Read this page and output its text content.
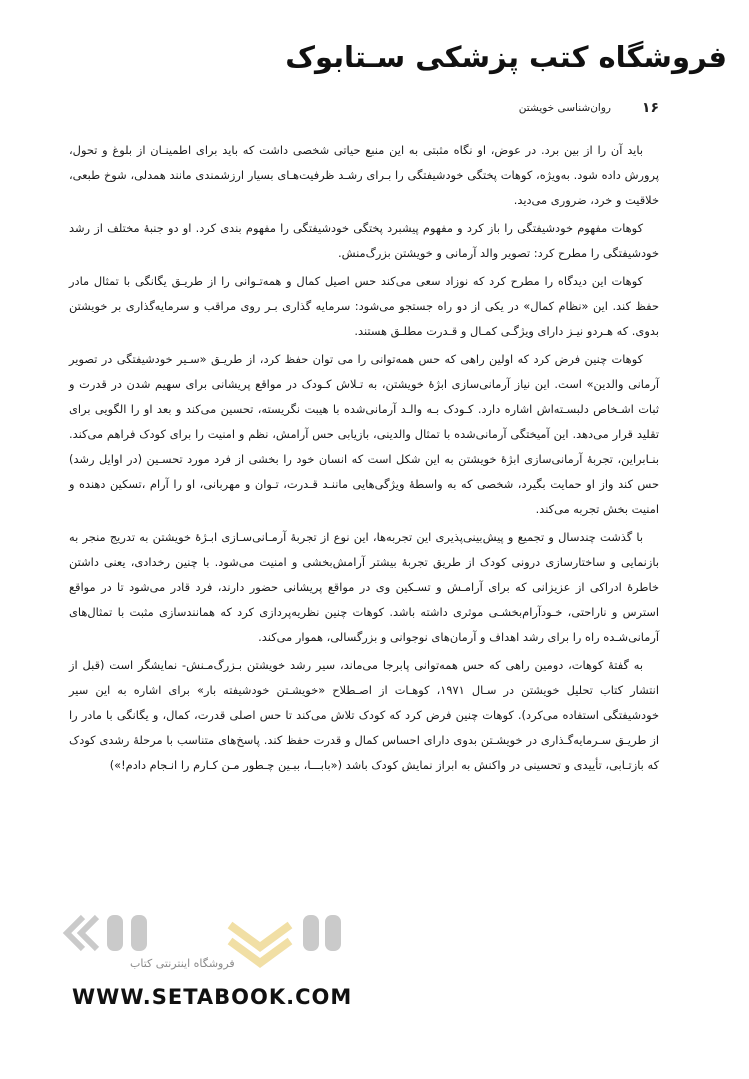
فروشگاه کتب پزشکی سـتابوک
۱۶
روان‌شناسی خویشتن

باید آن را از بین برد. در عوض، او نگاه مثبتی به این منبع حیاتی شخصی داشت که باید برای اطمینـان از بلوغ و تحول، پرورش داده شود. به‌ویژه، کوهات پختگی خودشیفتگی را بـرای رشـد ظرفیت‌هـای بسیار ارزشمندی مانند همدلی، شوخ طبعی، خلاقیت و خرد، ضروری می‌دید.

کوهات مفهوم خودشیفتگی را باز کرد و مفهوم پیشبرد پختگی خودشیفتگی را مفهوم بندی کرد. او دو جنبهٔ مختلف از رشد خودشیفتگی را مطرح کرد: تصویر والد آرمانی و خویشتن بزرگ‌منش.

کوهات این دیدگاه را مطرح کرد که نوزاد سعی می‌کند حس اصیل کمال و همه‌تـوانی را از طریـق یگانگی با تمثال مادر حفظ کند. این «نظام کمال» در یکی از دو راه جستجو می‌شود: سرمایه گذاری بـر روی مراقب و سرمایه‌گذاری بر خویشتن بدوی. که هـردو نیـز دارای ویژگـی کمـال و قـدرت مطلـق هستند.

کوهات چنین فرض کرد که اولین راهی که حس همه‌توانی را می توان حفظ کرد، از طریـق «سـیر خودشیفتگی در تصویر آرمانی والدین» است. این نیاز آرمانی‌سازی ابژهٔ خویشتن، به تـلاش کـودک در مواقع پریشانی برای سهیم شدن در قدرت و ثبات اشـخاص دلبسـته‌اش اشاره دارد. کـودک بـه والـد آرمانی‌شده با هیبت نگریسته، تحسین می‌کند و بعد او را الگویی برای تقلید قرار می‌دهد. این آمیختگی آرمانی‌شده با تمثال والدینی، بازیابی حس آرامش، نظم و امنیت را برای کودک فراهم می‌کند. بنـابراین، تجربهٔ آرمانی‌سازی ابژهٔ خویشتن به این شکل است که انسان خود را بخشی از فرد مورد تحسـین (در اوایل رشد) حس کند واز او حمایت بگیرد، شخصی که به واسطهٔ ویژگی‌هایی ماننـد قـدرت، تـوان و مهربانی، او را آرام ،تسکین دهنده و امنیت بخش تجربه می‌کند.

با گذشت چندسال و تجمیع و پیش‌بینی‌پذیری این تجربه‌ها، این نوع از تجربهٔ آرمـانی‌سـازی ابـژهٔ خویشتن به تدریج منجر به بازنمایی و ساختارسازی درونی کودک از طریق تجربهٔ بیشتر آرامش‌بخشی و امنیت می‌شود. با چنین رخدادی، یعنی داشتن خاطرهٔ ادراکی از عزیزانی که برای آرامـش و تسـکین وی در مواقع پریشانی حضور دارند، فرد قادر می‌شود تا در مواقع استرس و ناراحتی، خـودآرام‌بخشـی موثری داشته باشد. کوهات چنین نظریه‌پردازی کرد که همانندسازی مثبت با تمثال‌های آرمانی‌شـده راه را برای رشد اهداف و آرمان‌های نوجوانی و بزرگسالی، هموار می‌کند.

به گفتهٔ کوهات، دومین راهی که حس همه‌توانی پابرجا می‌ماند، سیر رشد خویشتن بـزرگ‌مـنش- نمایشگر است (قبل از انتشار کتاب تحلیل خویشتن در سـال ۱۹۷۱، کوهـات از اصـطلاح «خویشـتن خودشیفته بار» برای اشاره به این سیر خودشیفتگی استفاده می‌کرد). کوهات چنین فرض کرد که کودک تلاش می‌کند تا حس اصلی قدرت، کمال، و یگانگی با مادر را از طریـق سـرمایه‌گـذاری در خویشـتن بدوی دارای احساس کمال و قدرت حفظ کند. پاسخ‌های متناسب با مرحلهٔ رشدی کودک که بازتـابی، تأییدی و تحسینی در واکنش به ابراز نمایش کودک باشد («بابـــا، ببـین چـطور مـن کـارم را انـجام دادم!»)

فروشگاه اینترنتی کتاب
WWW.SETABOOK.COM
